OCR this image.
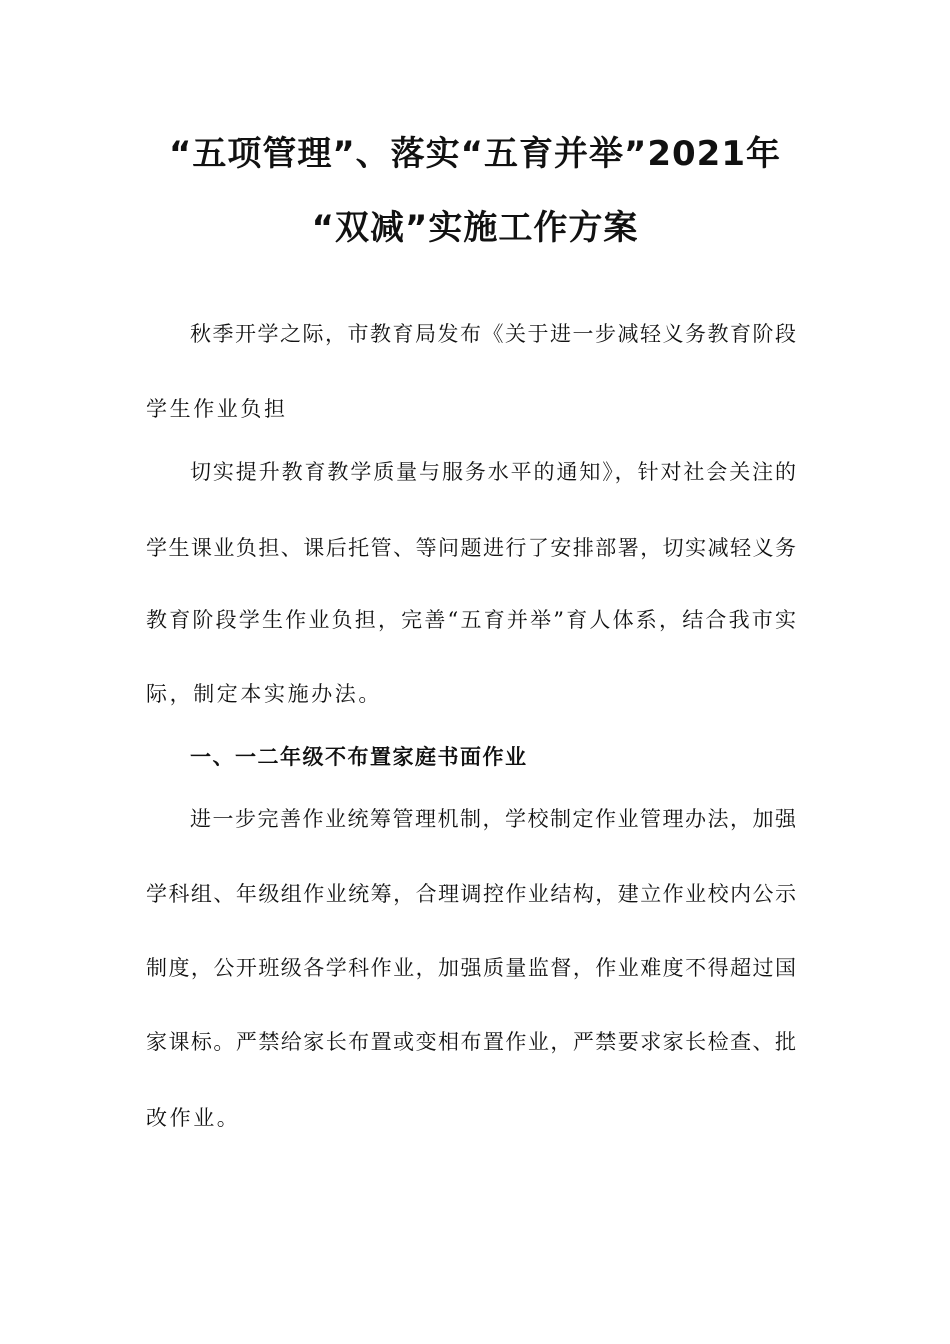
“五项管理”、落实“五育并举”2021年
“双减”实施工作方案
秋季开学之际，市教育局发布《关于进一步减轻义务教育阶段
学生作业负担
切实提升教育教学质量与服务水平的通知》，针对社会关注的
学生课业负担、课后托管、等问题进行了安排部署，切实减轻义务
教育阶段学生作业负担，完善“五育并举”育人体系，结合我市实
际，制定本实施办法。
一、一二年级不布置家庭书面作业
进一步完善作业统筹管理机制，学校制定作业管理办法，加强
学科组、年级组作业统筹，合理调控作业结构，建立作业校内公示
制度，公开班级各学科作业，加强质量监督，作业难度不得超过国
家课标。严禁给家长布置或变相布置作业，严禁要求家长检查、批
改作业。
